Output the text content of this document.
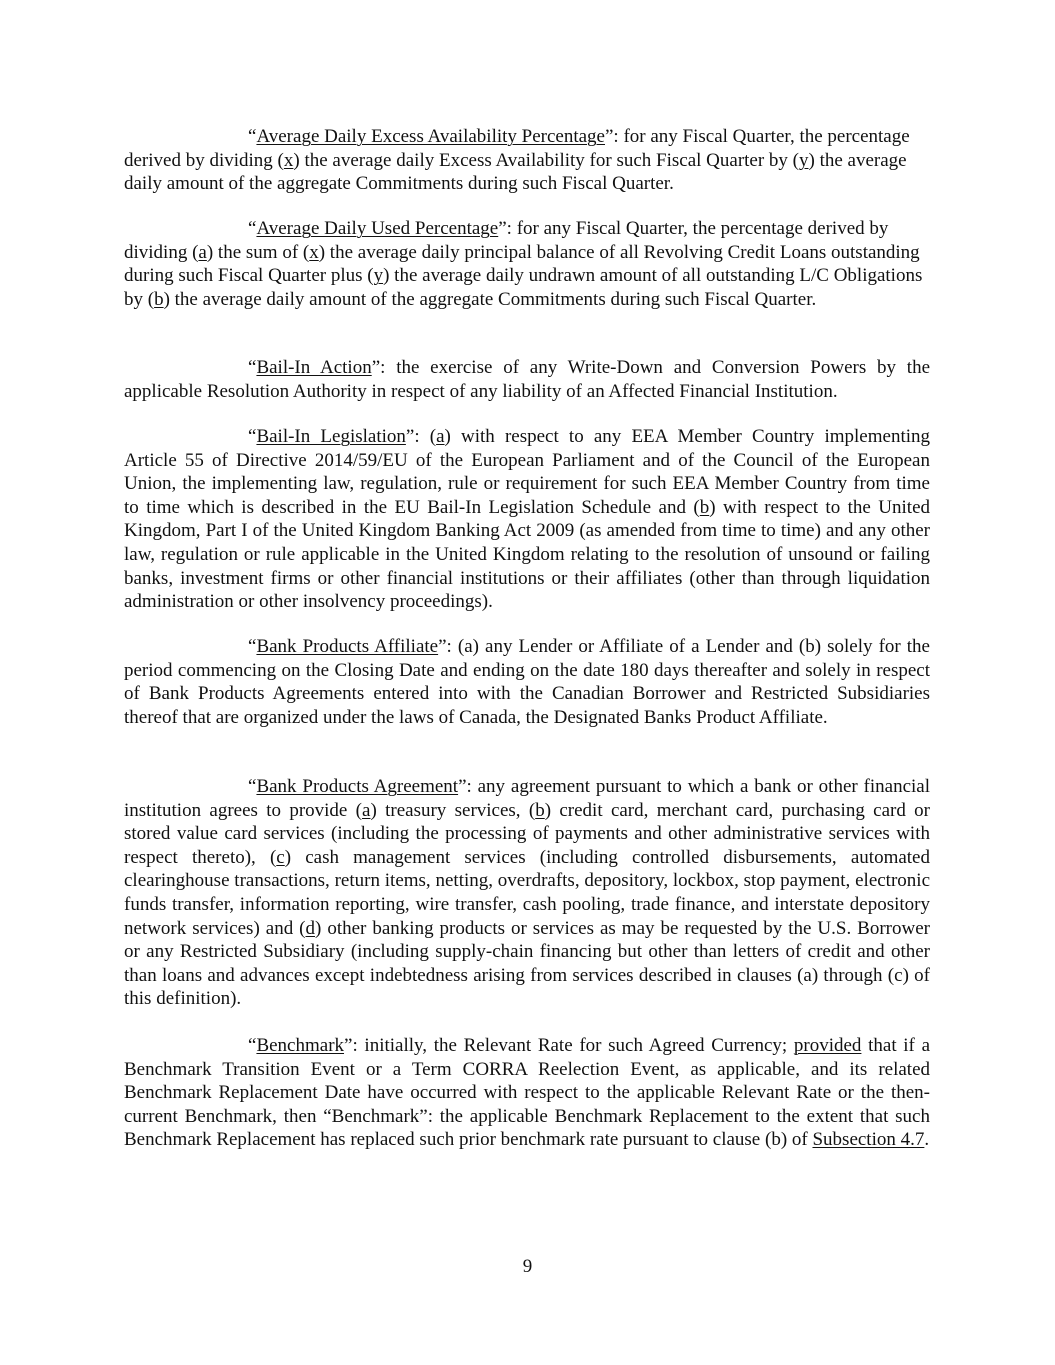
“Average Daily Excess Availability Percentage”: for any Fiscal Quarter, the percentage derived by dividing (x) the average daily Excess Availability for such Fiscal Quarter by (y) the average daily amount of the aggregate Commitments during such Fiscal Quarter.

“Average Daily Used Percentage”: for any Fiscal Quarter, the percentage derived by dividing (a) the sum of (x) the average daily principal balance of all Revolving Credit Loans outstanding during such Fiscal Quarter plus (y) the average daily undrawn amount of all outstanding L/C Obligations by (b) the average daily amount of the aggregate Commitments during such Fiscal Quarter.

“Bail-In Action”: the exercise of any Write-Down and Conversion Powers by the applicable Resolution Authority in respect of any liability of an Affected Financial Institution.

“Bail-In Legislation”: (a) with respect to any EEA Member Country implementing Article 55 of Directive 2014/59/EU of the European Parliament and of the Council of the European Union, the implementing law, regulation, rule or requirement for such EEA Member Country from time to time which is described in the EU Bail-In Legislation Schedule and (b) with respect to the United Kingdom, Part I of the United Kingdom Banking Act 2009 (as amended from time to time) and any other law, regulation or rule applicable in the United Kingdom relating to the resolution of unsound or failing banks, investment firms or other financial institutions or their affiliates (other than through liquidation administration or other insolvency proceedings).

“Bank Products Affiliate”: (a) any Lender or Affiliate of a Lender and (b) solely for the period commencing on the Closing Date and ending on the date 180 days thereafter and solely in respect of Bank Products Agreements entered into with the Canadian Borrower and Restricted Subsidiaries thereof that are organized under the laws of Canada, the Designated Banks Product Affiliate.

“Bank Products Agreement”: any agreement pursuant to which a bank or other financial institution agrees to provide (a) treasury services, (b) credit card, merchant card, purchasing card or stored value card services (including the processing of payments and other administrative services with respect thereto), (c) cash management services (including controlled disbursements, automated clearinghouse transactions, return items, netting, overdrafts, depository, lockbox, stop payment, electronic funds transfer, information reporting, wire transfer, cash pooling, trade finance, and interstate depository network services) and (d) other banking products or services as may be requested by the U.S. Borrower or any Restricted Subsidiary (including supply-chain financing but other than letters of credit and other than loans and advances except indebtedness arising from services described in clauses (a) through (c) of this definition).

“Benchmark”: initially, the Relevant Rate for such Agreed Currency; provided that if a Benchmark Transition Event or a Term CORRA Reelection Event, as applicable, and its related Benchmark Replacement Date have occurred with respect to the applicable Relevant Rate or the then-current Benchmark, then “Benchmark”: the applicable Benchmark Replacement to the extent that such Benchmark Replacement has replaced such prior benchmark rate pursuant to clause (b) of Subsection 4.7.

9
